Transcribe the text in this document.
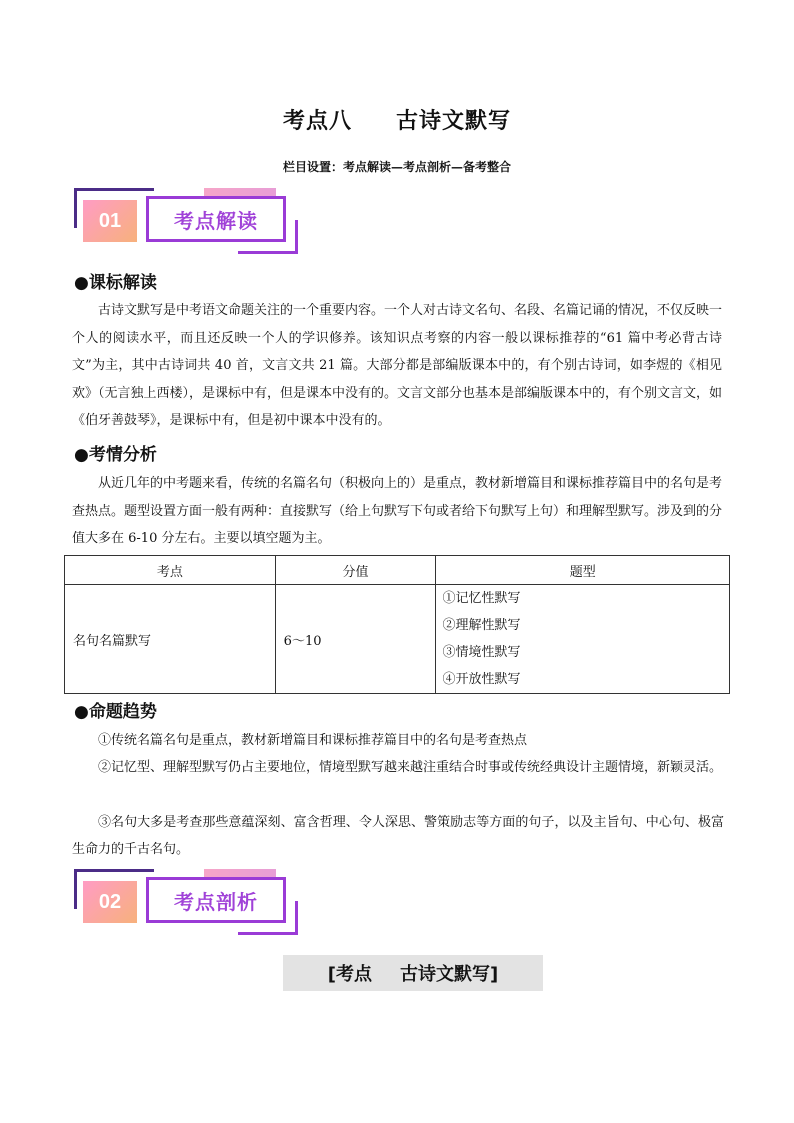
考点八 古诗文默写
栏目设置：考点解读—考点剖析—备考整合
01	考点解读
●课标解读
古诗文默写是中考语文命题关注的一个重要内容。一个人对古诗文名句、名段、名篇记诵的情况，不仅反映一个人的阅读水平，而且还反映一个人的学识修养。该知识点考察的内容一般以课标推荐的“61 篇中考必背古诗文”为主，其中古诗词共 40 首，文言文共 21 篇。大部分都是部编版课本中的，有个别古诗词，如李煜的《相见欢》（无言独上西楼），是课标中有，但是课本中没有的。文言文部分也基本是部编版课本中的，有个别文言文，如《伯牙善鼓琴》，是课标中有，但是初中课本中没有的。
●考情分析
从近几年的中考题来看，传统的名篇名句（积极向上的）是重点，教材新增篇目和课标推荐篇目中的名句是考查热点。题型设置方面一般有两种：直接默写（给上句默写下句或者给下句默写上句）和理解型默写。涉及到的分值大多在 6-10 分左右。主要以填空题为主。
考点	分值	题型
名句名篇默写	6～10	①记忆性默写
②理解性默写
③情境性默写
④开放性默写
●命题趋势
①传统名篇名句是重点，教材新增篇目和课标推荐篇目中的名句是考查热点
②记忆型、理解型默写仍占主要地位，情境型默写越来越注重结合时事或传统经典设计主题情境，新颖灵活。
③名句大多是考查那些意蕴深刻、富含哲理、令人深思、警策励志等方面的句子，以及主旨句、中心句、极富生命力的千古名句。
02	考点剖析
[考点 古诗文默写]
